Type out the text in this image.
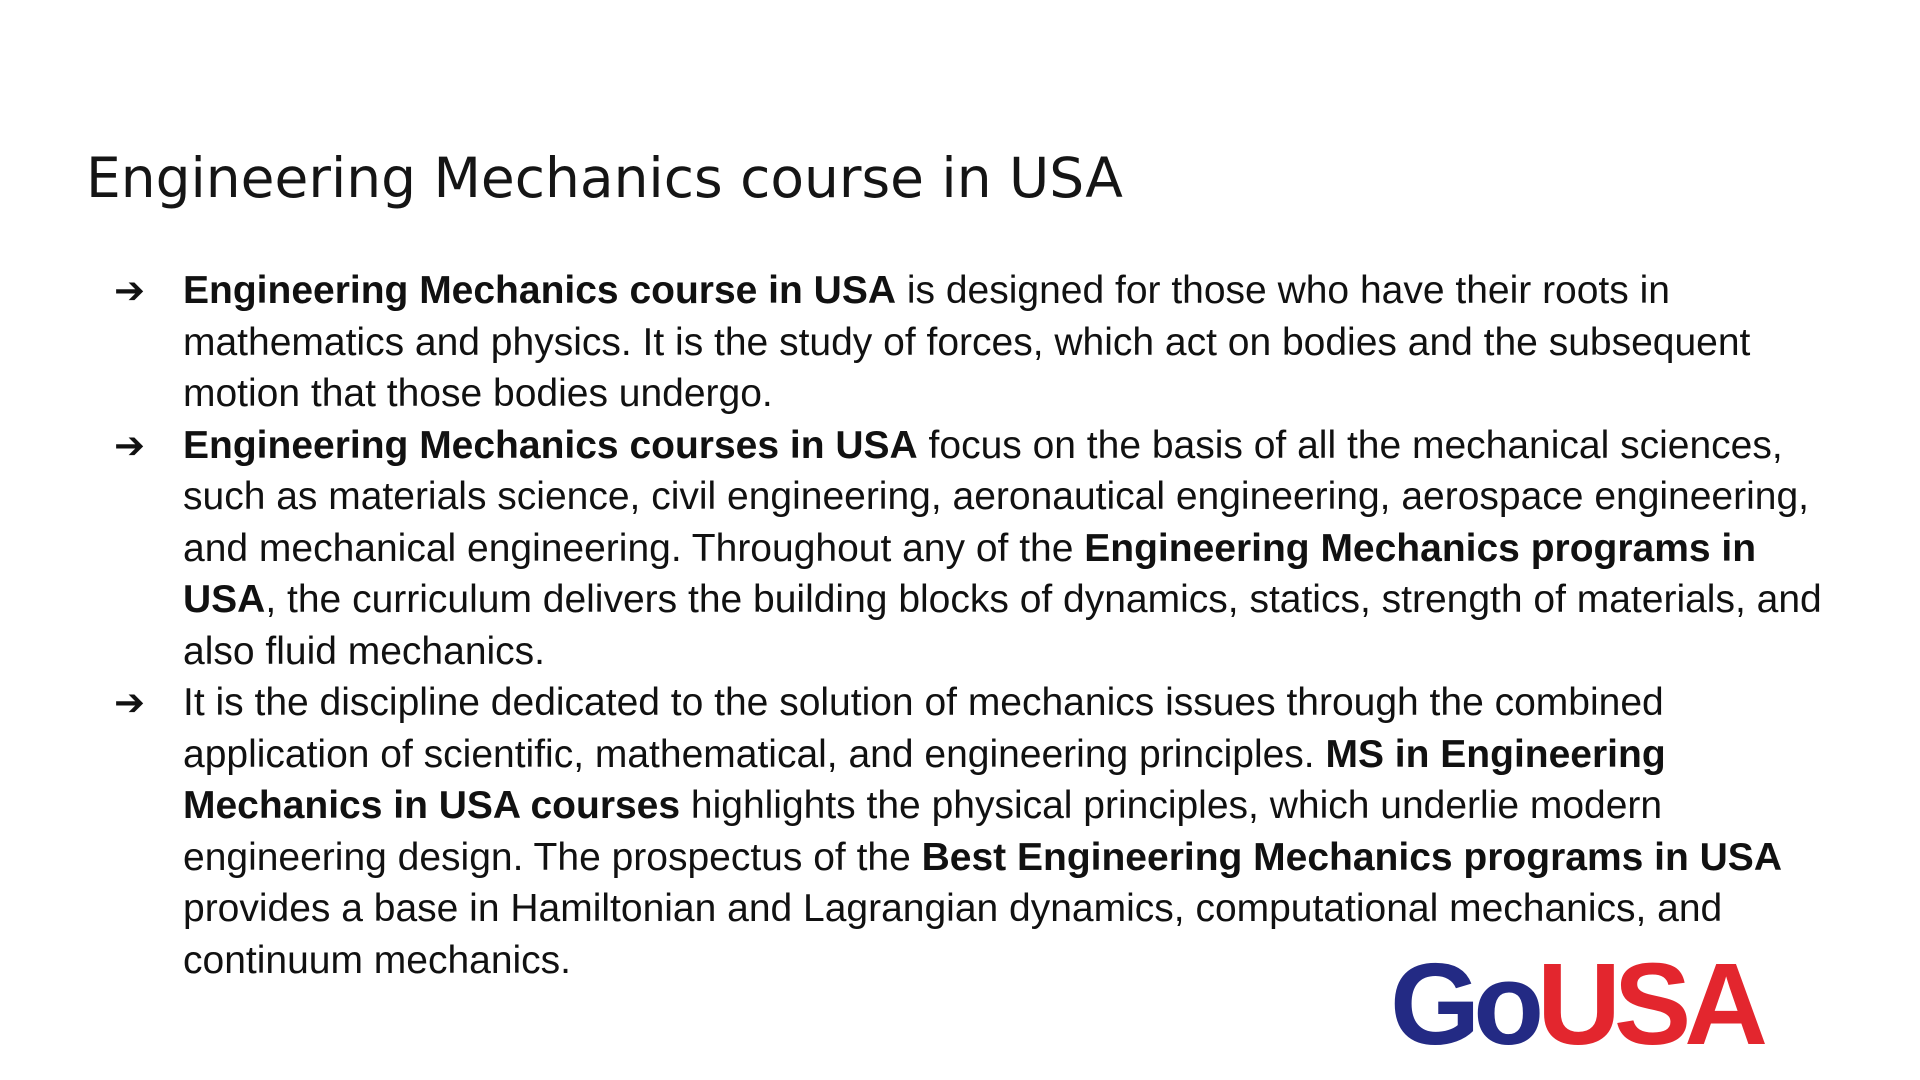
Engineering Mechanics course in USA
➔ Engineering Mechanics course in USA is designed for those who have their roots in mathematics and physics. It is the study of forces, which act on bodies and the subsequent motion that those bodies undergo.
➔ Engineering Mechanics courses in USA focus on the basis of all the mechanical sciences, such as materials science, civil engineering, aeronautical engineering, aerospace engineering, and mechanical engineering. Throughout any of the Engineering Mechanics programs in USA, the curriculum delivers the building blocks of dynamics, statics, strength of materials, and also fluid mechanics.
➔ It is the discipline dedicated to the solution of mechanics issues through the combined application of scientific, mathematical, and engineering principles. MS in Engineering Mechanics in USA courses highlights the physical principles, which underlie modern engineering design. The prospectus of the Best Engineering Mechanics programs in USA provides a base in Hamiltonian and Lagrangian dynamics, computational mechanics, and continuum mechanics.	GoUSA
